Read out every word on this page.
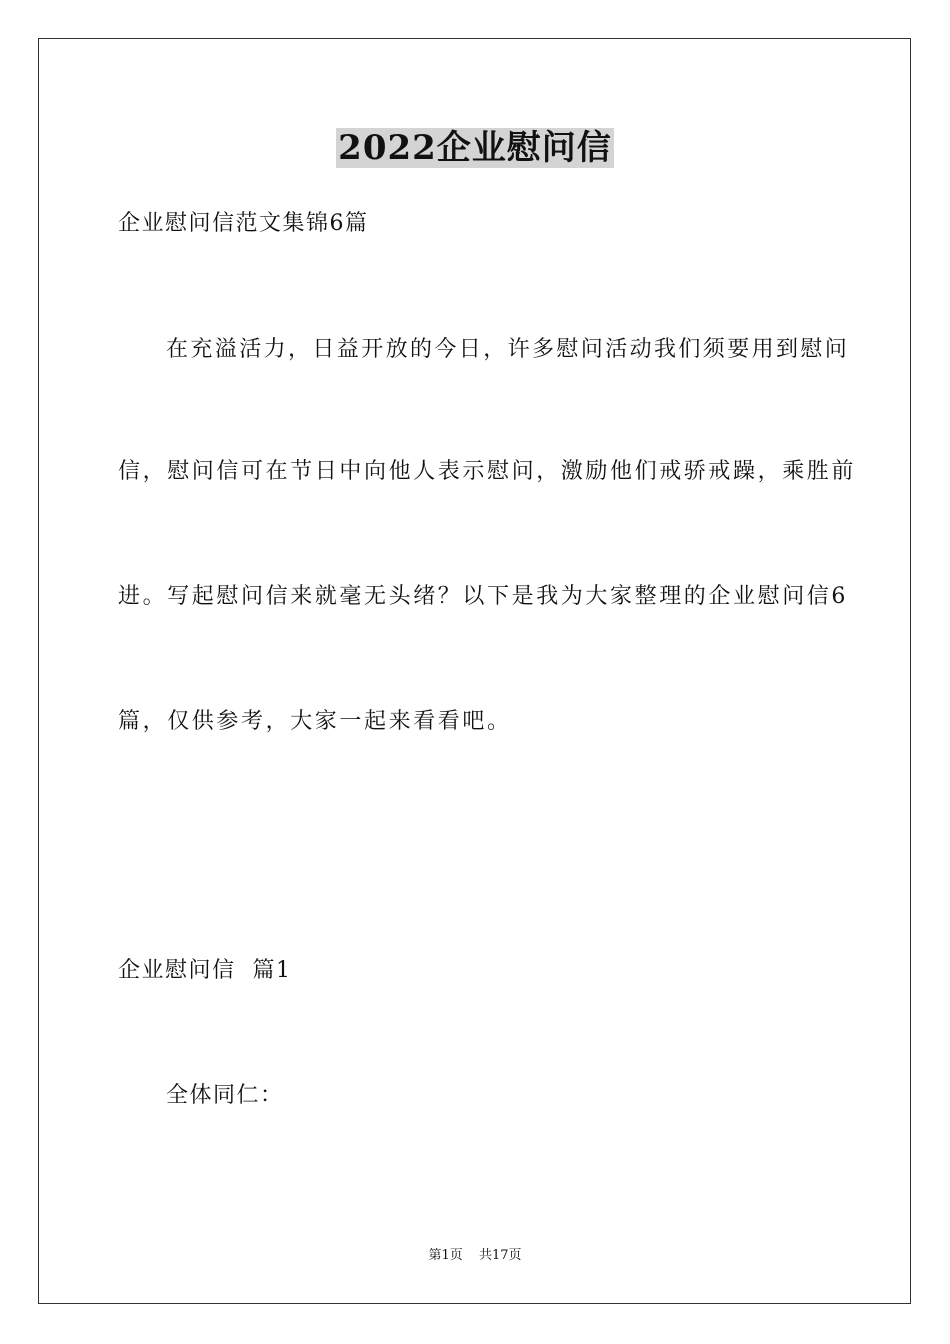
2022企业慰问信
企业慰问信范文集锦6篇
在充溢活力，日益开放的今日，许多慰问活动我们须要用到慰问
信，慰问信可在节日中向他人表示慰问，激励他们戒骄戒躁，乘胜前
进。写起慰问信来就毫无头绪？以下是我为大家整理的企业慰问信6
篇，仅供参考，大家一起来看看吧。
企业慰问信  篇1
全体同仁：
第1页 共17页
